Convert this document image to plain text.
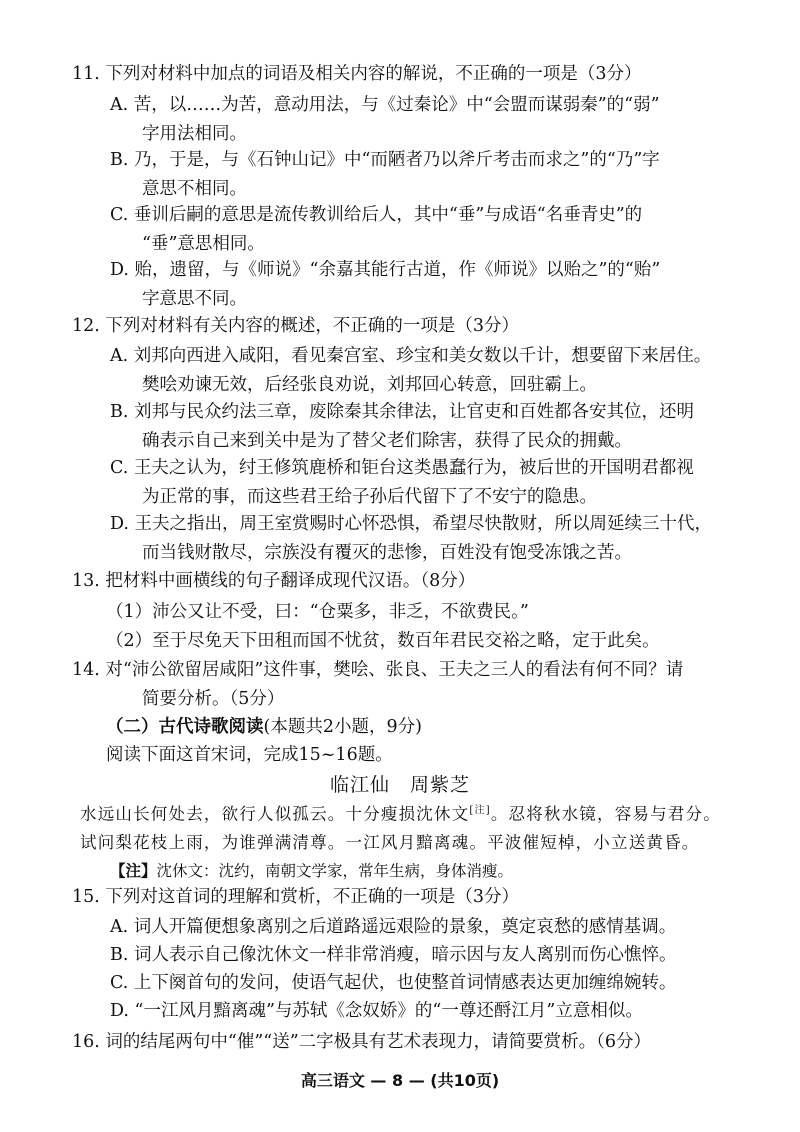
11. 下列对材料中加点的词语及相关内容的解说，不正确的一项是（3分）
A. 苦，以……为苦，意动用法，与《过秦论》中“会盟而谋弱秦”的“弱”
字用法相同。
B. 乃，于是，与《石钟山记》中“而陋者乃以斧斤考击而求之”的“乃”字
意思不相同。
C. 垂训后嗣的意思是流传教训给后人，其中“垂”与成语“名垂青史”的
“垂”意思相同。
D. 贻，遗留，与《师说》“余嘉其能行古道，作《师说》以贻之”的“贻”
字意思不同。
12. 下列对材料有关内容的概述，不正确的一项是（3分）
A. 刘邦向西进入咸阳，看见秦宫室、珍宝和美女数以千计，想要留下来居住。
樊哙劝谏无效，后经张良劝说，刘邦回心转意，回驻霸上。
B. 刘邦与民众约法三章，废除秦其余律法，让官吏和百姓都各安其位，还明
确表示自己来到关中是为了替父老们除害，获得了民众的拥戴。
C. 王夫之认为，纣王修筑鹿桥和钜台这类愚蠢行为，被后世的开国明君都视
为正常的事，而这些君王给子孙后代留下了不安宁的隐患。
D. 王夫之指出，周王室赏赐时心怀恐惧，希望尽快散财，所以周延续三十代，
而当钱财散尽，宗族没有覆灭的悲惨，百姓没有饱受冻饿之苦。
13. 把材料中画横线的句子翻译成现代汉语。（8分）
（1）沛公又让不受，曰：“仓粟多，非乏，不欲费民。”
（2）至于尽免天下田租而国不忧贫，数百年君民交裕之略，定于此矣。
14. 对“沛公欲留居咸阳”这件事，樊哙、张良、王夫之三人的看法有何不同？请
简要分析。（5分）
（二）古代诗歌阅读(本题共2小题，9分)
阅读下面这首宋词，完成15~16题。
临江仙　周紫芝
水远山长何处去，欲行人似孤云。十分瘦损沈休文[注]。忍将秋水镜，容易与君分。
试问梨花枝上雨，为谁弹满清尊。一江风月黯离魂。平波催短棹，小立送黄昏。
【注】沈休文：沈约，南朝文学家，常年生病，身体消瘦。
15. 下列对这首词的理解和赏析，不正确的一项是（3分）
A. 词人开篇便想象离别之后道路遥远艰险的景象，奠定哀愁的感情基调。
B. 词人表示自己像沈休文一样非常消瘦，暗示因与友人离别而伤心憔悴。
C. 上下阕首句的发问，使语气起伏，也使整首词情感表达更加缠绵婉转。
D. “一江风月黯离魂”与苏轼《念奴娇》的“一尊还酹江月”立意相似。
16. 词的结尾两句中“催”“送”二字极具有艺术表现力，请简要赏析。（6分）
高三语文 — 8 — (共10页)
